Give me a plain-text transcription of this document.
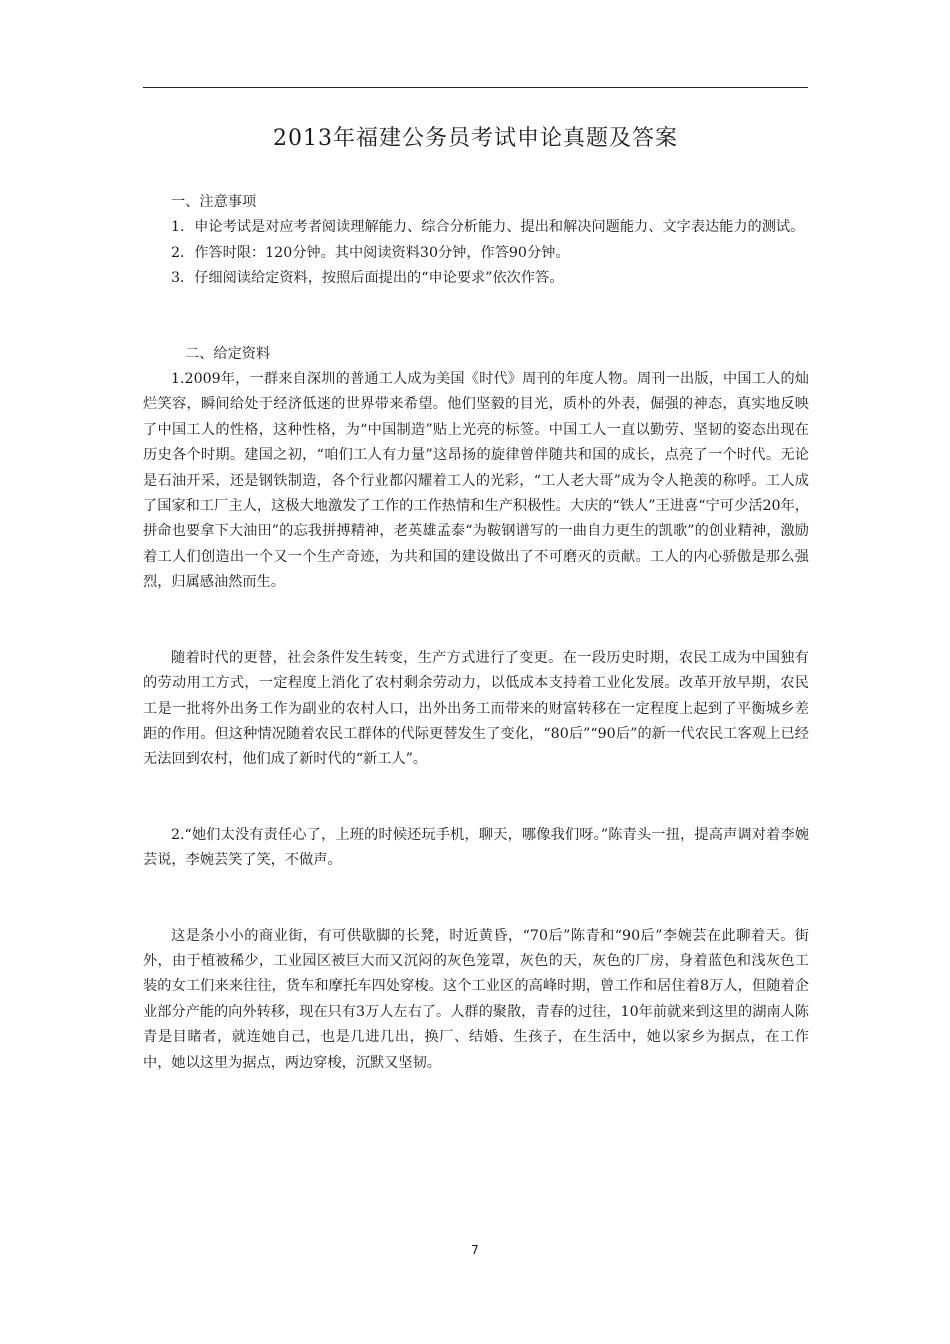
2013年福建公务员考试申论真题及答案

一、注意事项

1．申论考试是对应考者阅读理解能力、综合分析能力、提出和解决问题能力、文字表达能力的测试。

2．作答时限：120分钟。其中阅读资料30分钟，作答90分钟。

3．仔细阅读给定资料，按照后面提出的“申论要求”依次作答。

二、给定资料

1.2009年，一群来自深圳的普通工人成为美国《时代》周刊的年度人物。周刊一出版，中国工人的灿烂笑容，瞬间给处于经济低迷的世界带来希望。他们坚毅的目光，质朴的外表，倔强的神态，真实地反映了中国工人的性格，这种性格，为“中国制造”贴上光亮的标签。中国工人一直以勤劳、坚韧的姿态出现在历史各个时期。建国之初，“咱们工人有力量”这昂扬的旋律曾伴随共和国的成长，点亮了一个时代。无论是石油开采，还是钢铁制造，各个行业都闪耀着工人的光彩，“工人老大哥”成为令人艳羡的称呼。工人成了国家和工厂主人，这极大地激发了工作的工作热情和生产积极性。大庆的“铁人”王进喜“宁可少活20年，拼命也要拿下大油田”的忘我拼搏精神，老英雄孟泰“为鞍钢谱写的一曲自力更生的凯歌”的创业精神，激励着工人们创造出一个又一个生产奇迹，为共和国的建设做出了不可磨灭的贡献。工人的内心骄傲是那么强烈，归属感油然而生。

随着时代的更替，社会条件发生转变，生产方式进行了变更。在一段历史时期，农民工成为中国独有的劳动用工方式，一定程度上消化了农村剩余劳动力，以低成本支持着工业化发展。改革开放早期，农民工是一批将外出务工作为副业的农村人口，出外出务工而带来的财富转移在一定程度上起到了平衡城乡差距的作用。但这种情况随着农民工群体的代际更替发生了变化，“80后”“90后”的新一代农民工客观上已经无法回到农村，他们成了新时代的“新工人”。

2.“她们太没有责任心了，上班的时候还玩手机，聊天，哪像我们呀。”陈青头一扭，提高声调对着李婉芸说，李婉芸笑了笑，不做声。

这是条小小的商业街，有可供歇脚的长凳，时近黄昏，“70后”陈青和“90后”李婉芸在此聊着天。街外，由于植被稀少，工业园区被巨大而又沉闷的灰色笼罩，灰色的天，灰色的厂房，身着蓝色和浅灰色工装的女工们来来往往，货车和摩托车四处穿梭。这个工业区的高峰时期，曾工作和居住着8万人，但随着企业部分产能的向外转移，现在只有3万人左右了。人群的聚散，青春的过往，10年前就来到这里的湖南人陈青是目睹者，就连她自己，也是几进几出，换厂、结婚、生孩子，在生活中，她以家乡为据点，在工作中，她以这里为据点，两边穿梭，沉默又坚韧。

7
